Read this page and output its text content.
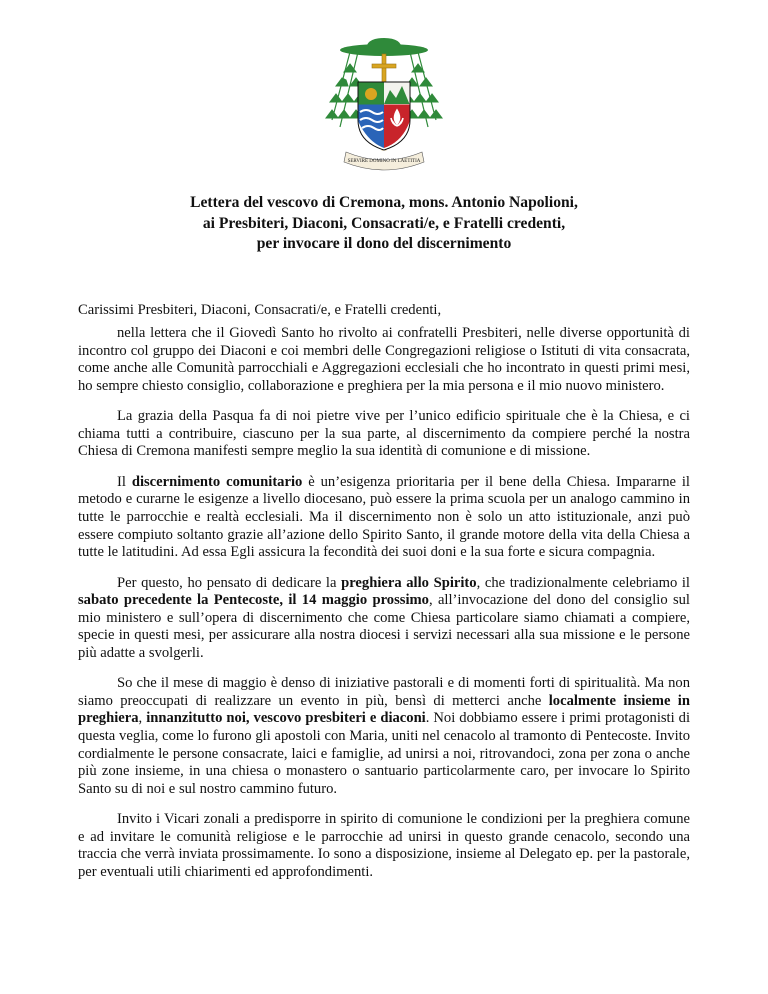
SERVIRE DOMINO IN LAETITIA
Lettera del vescovo di Cremona, mons. Antonio Napolioni,
ai Presbiteri, Diaconi, Consacrati/e, e Fratelli credenti,
per invocare il dono del discernimento
Carissimi Presbiteri, Diaconi, Consacrati/e, e Fratelli credenti,

nella lettera che il Giovedì Santo ho rivolto ai confratelli Presbiteri, nelle diverse opportunità di incontro col gruppo dei Diaconi e coi membri delle Congregazioni religiose o Istituti di vita consacrata, come anche alle Comunità parrocchiali e Aggregazioni ecclesiali che ho incontrato in questi primi mesi, ho sempre chiesto consiglio, collaborazione e preghiera per la mia persona e il mio nuovo ministero.

La grazia della Pasqua fa di noi pietre vive per l’unico edificio spirituale che è la Chiesa, e ci chiama tutti a contribuire, ciascuno per la sua parte, al discernimento da compiere perché la nostra Chiesa di Cremona manifesti sempre meglio la sua identità di comunione e di missione.

Il discernimento comunitario è un’esigenza prioritaria per il bene della Chiesa. Impararne il metodo e curarne le esigenze a livello diocesano, può essere la prima scuola per un analogo cammino in tutte le parrocchie e realtà ecclesiali. Ma il discernimento non è solo un atto istituzionale, anzi può essere compiuto soltanto grazie all’azione dello Spirito Santo, il grande motore della vita della Chiesa a tutte le latitudini. Ad essa Egli assicura la fecondità dei suoi doni e la sua forte e sicura compagnia.

Per questo, ho pensato di dedicare la preghiera allo Spirito, che tradizionalmente celebriamo il sabato precedente la Pentecoste, il 14 maggio prossimo, all’invocazione del dono del consiglio sul mio ministero e sull’opera di discernimento che come Chiesa particolare siamo chiamati a compiere, specie in questi mesi, per assicurare alla nostra diocesi i servizi necessari alla sua missione e le persone più adatte a svolgerli.

So che il mese di maggio è denso di iniziative pastorali e di momenti forti di spiritualità. Ma non siamo preoccupati di realizzare un evento in più, bensì di metterci anche localmente insieme in preghiera, innanzitutto noi, vescovo presbiteri e diaconi. Noi dobbiamo essere i primi protagonisti di questa veglia, come lo furono gli apostoli con Maria, uniti nel cenacolo al tramonto di Pentecoste. Invito cordialmente le persone consacrate, laici e famiglie, ad unirsi a noi, ritrovandoci, zona per zona o anche più zone insieme, in una chiesa o monastero o santuario particolarmente caro, per invocare lo Spirito Santo su di noi e sul nostro cammino futuro.

Invito i Vicari zonali a predisporre in spirito di comunione le condizioni per la preghiera comune e ad invitare le comunità religiose e le parrocchie ad unirsi in questo grande cenacolo, secondo una traccia che verrà inviata prossimamente. Io sono a disposizione, insieme al Delegato ep. per la pastorale, per eventuali utili chiarimenti ed approfondimenti.
